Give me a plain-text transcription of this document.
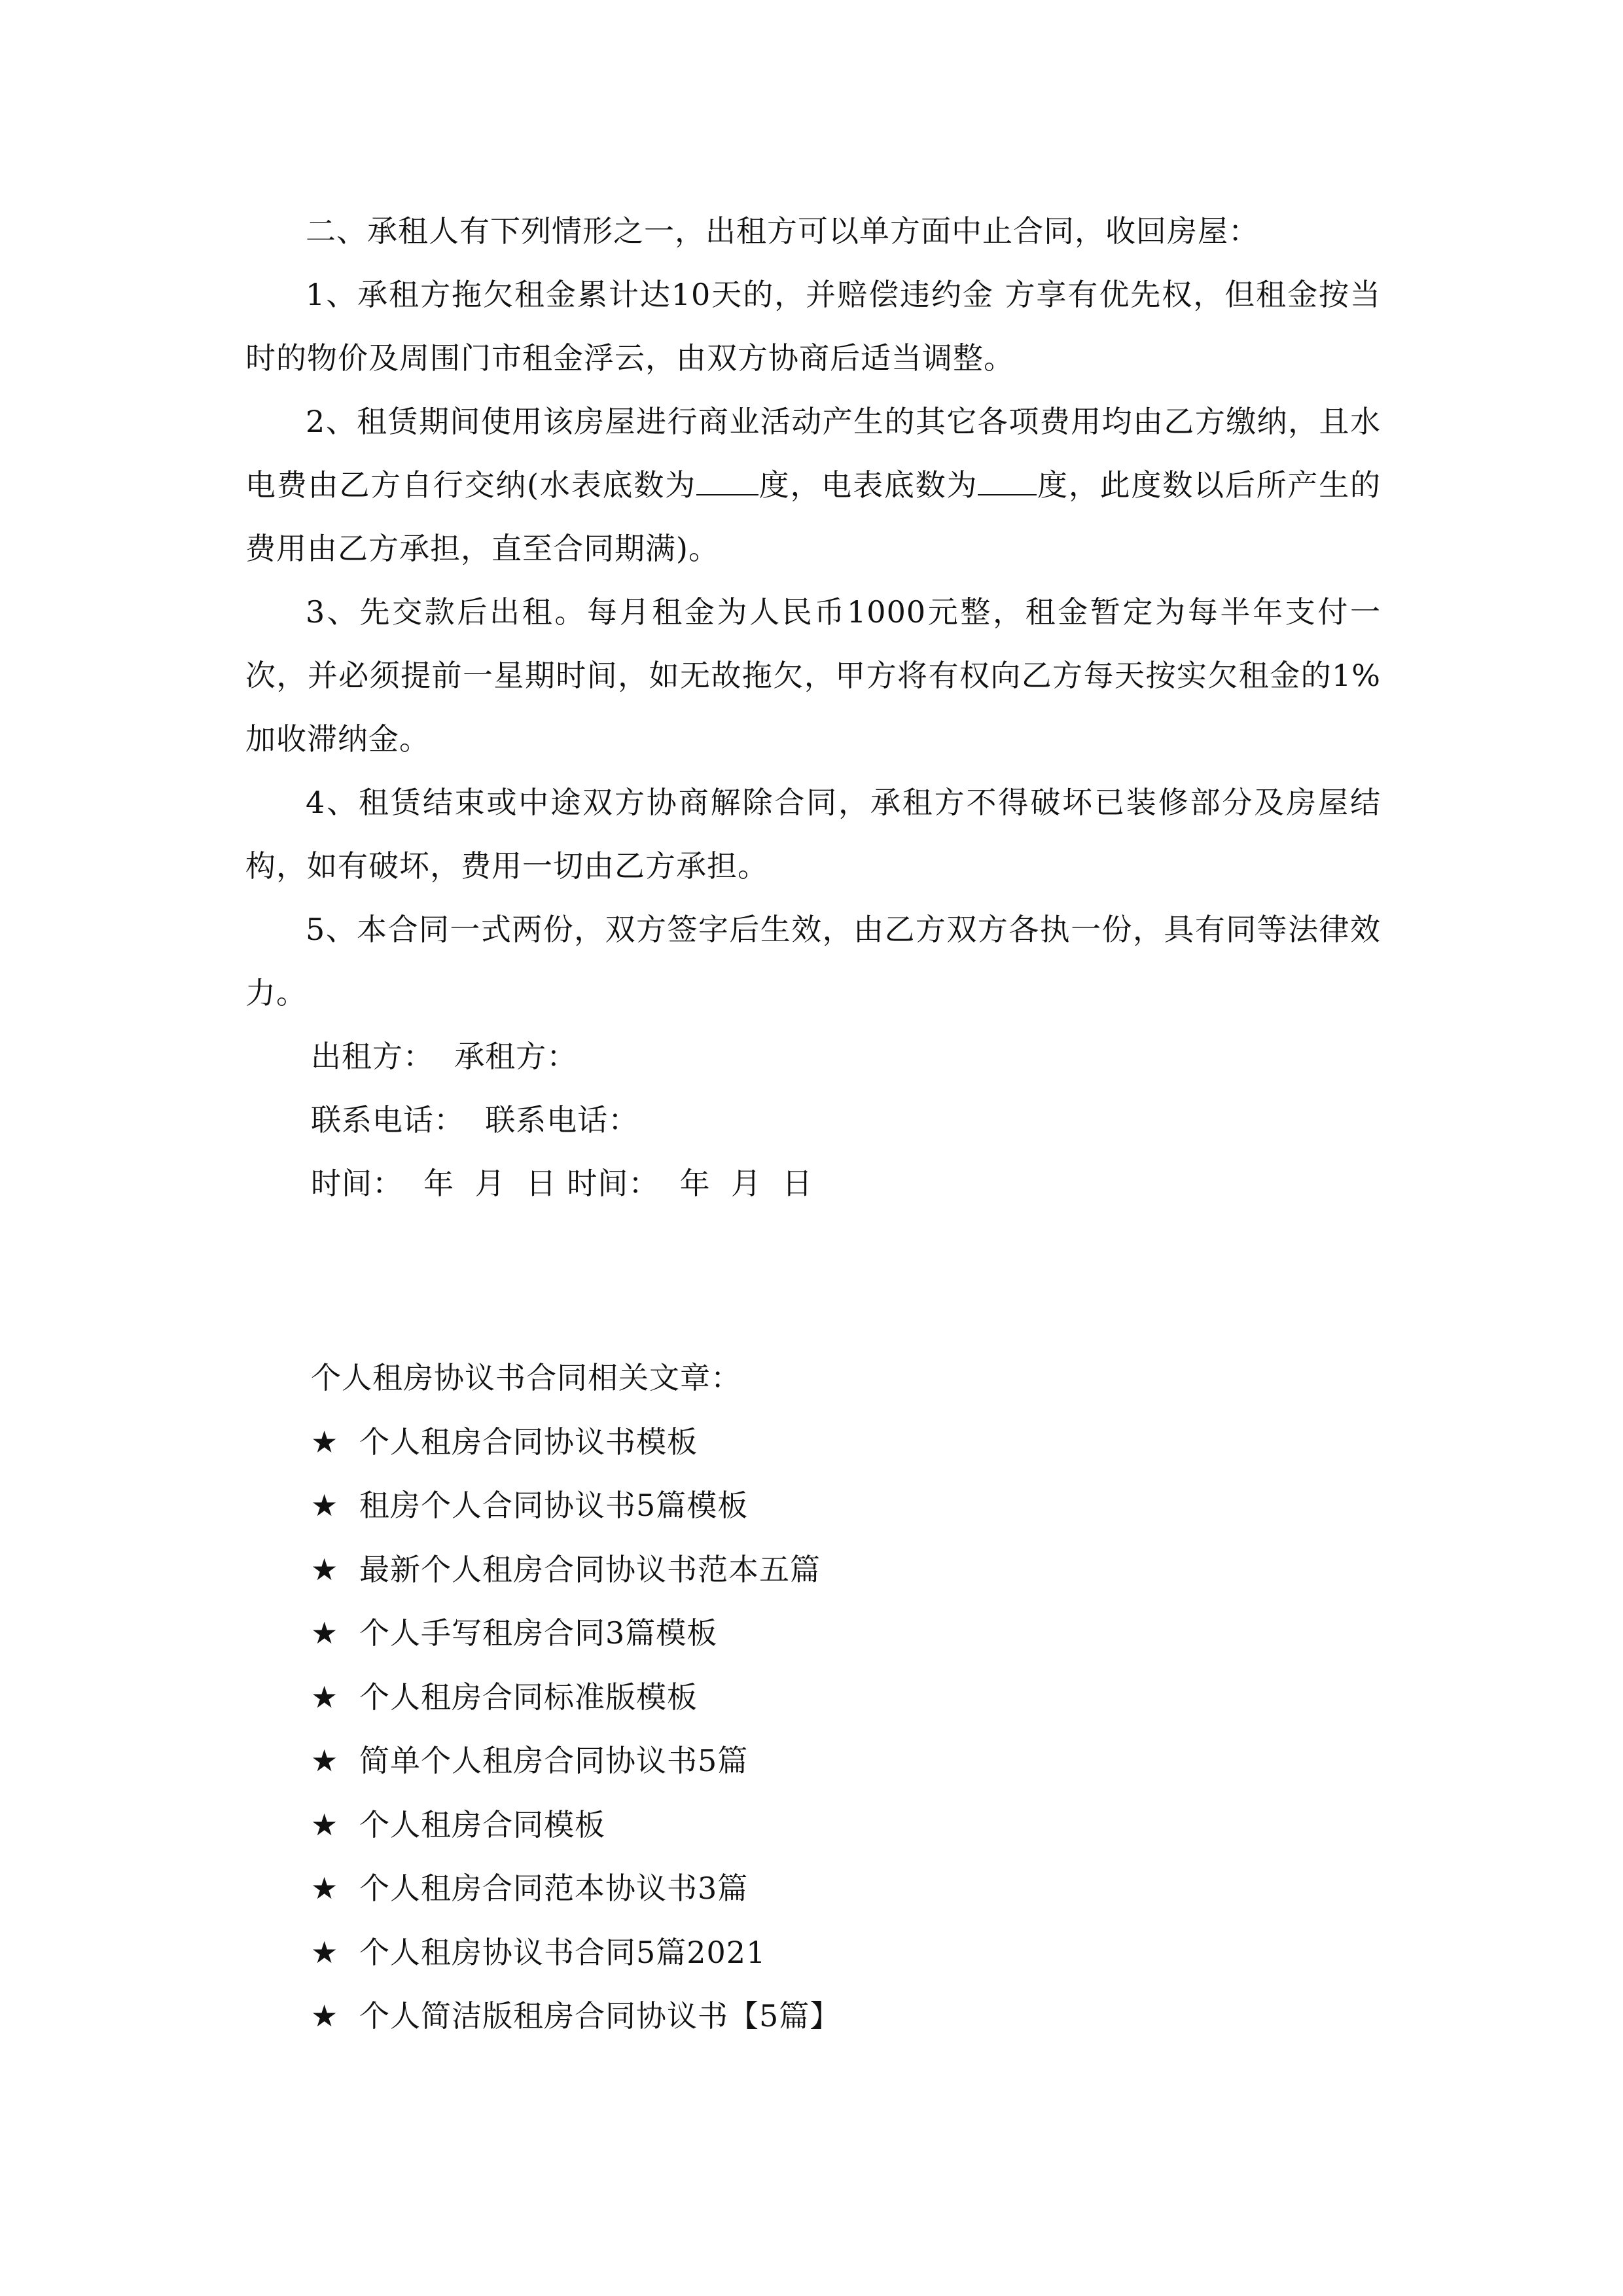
二、承租人有下列情形之一，出租方可以单方面中止合同，收回房屋：

1、承租方拖欠租金累计达10天的，并赔偿违约金 方享有优先权，但租金按当时的物价及周围门市租金浮云，由双方协商后适当调整。

2、租赁期间使用该房屋进行商业活动产生的其它各项费用均由乙方缴纳，且水电费由乙方自行交纳(水表底数为 度，电表底数为 度，此度数以后所产生的费用由乙方承担，直至合同期满)。

3、先交款后出租。每月租金为人民币1000元整，租金暂定为每半年支付一次，并必须提前一星期时间，如无故拖欠，甲方将有权向乙方每天按实欠租金的1%加收滞纳金。

4、租赁结束或中途双方协商解除合同，承租方不得破坏已装修部分及房屋结构，如有破坏，费用一切由乙方承担。

5、本合同一式两份，双方签字后生效，由乙方双方各执一份，具有同等法律效力。

出租方：  承租方：

联系电话：  联系电话：

时间：  年  月  日 时间：  年  月  日

个人租房协议书合同相关文章：

★ 个人租房合同协议书模板
★ 租房个人合同协议书5篇模板
★ 最新个人租房合同协议书范本五篇
★ 个人手写租房合同3篇模板
★ 个人租房合同标准版模板
★ 简单个人租房合同协议书5篇
★ 个人租房合同模板
★ 个人租房合同范本协议书3篇
★ 个人租房协议书合同5篇2021
★ 个人简洁版租房合同协议书【5篇】
